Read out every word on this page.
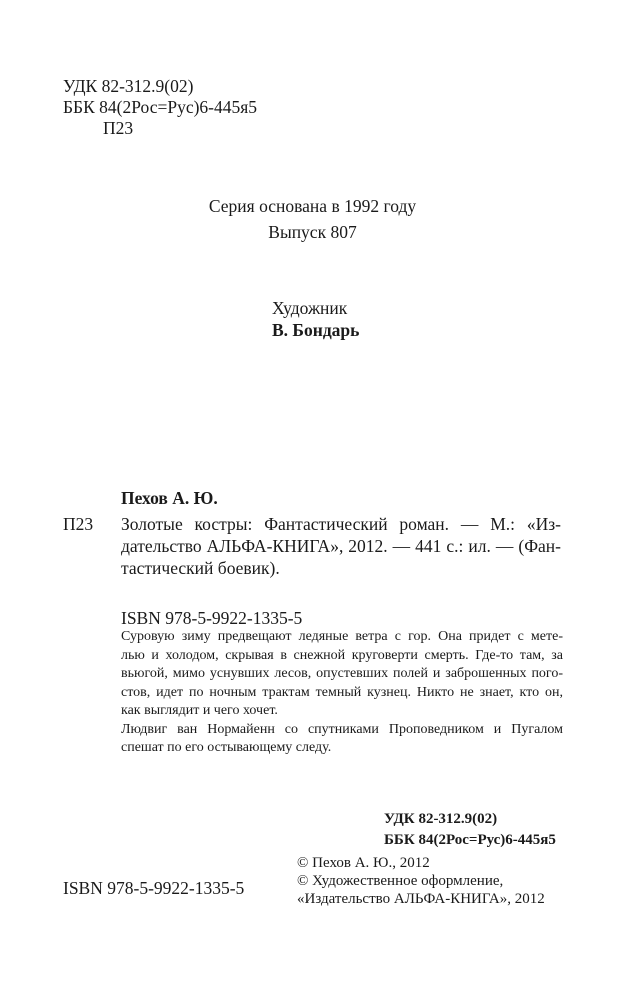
УДК 82-312.9(02)
ББК 84(2Рос=Рус)6-445я5
П23
Серия основана в 1992 году
Выпуск 807
Художник
В. Бондарь
Пехов А. Ю.
П23 Золотые костры: Фантастический роман. — М.: «Из-
дательство АЛЬФА-КНИГА», 2012. — 441 с.: ил. — (Фан-
тастический боевик).
ISBN 978-5-9922-1335-5
Суровую зиму предвещают ледяные ветра с гор. Она придет с мете-
лью и холодом, скрывая в снежной круговерти смерть. Где-то там, за
вьюгой, мимо уснувших лесов, опустевших полей и заброшенных пого-
стов, идет по ночным трактам темный кузнец. Никто не знает, кто он,
как выглядит и чего хочет.
Людвиг ван Нормайенн со спутниками Проповедником и Пугалом
спешат по его остывающему следу.
УДК 82-312.9(02)
ББК 84(2Рос=Рус)6-445я5
© Пехов А. Ю., 2012
© Художественное оформление,
«Издательство АЛЬФА-КНИГА», 2012
ISBN 978-5-9922-1335-5
